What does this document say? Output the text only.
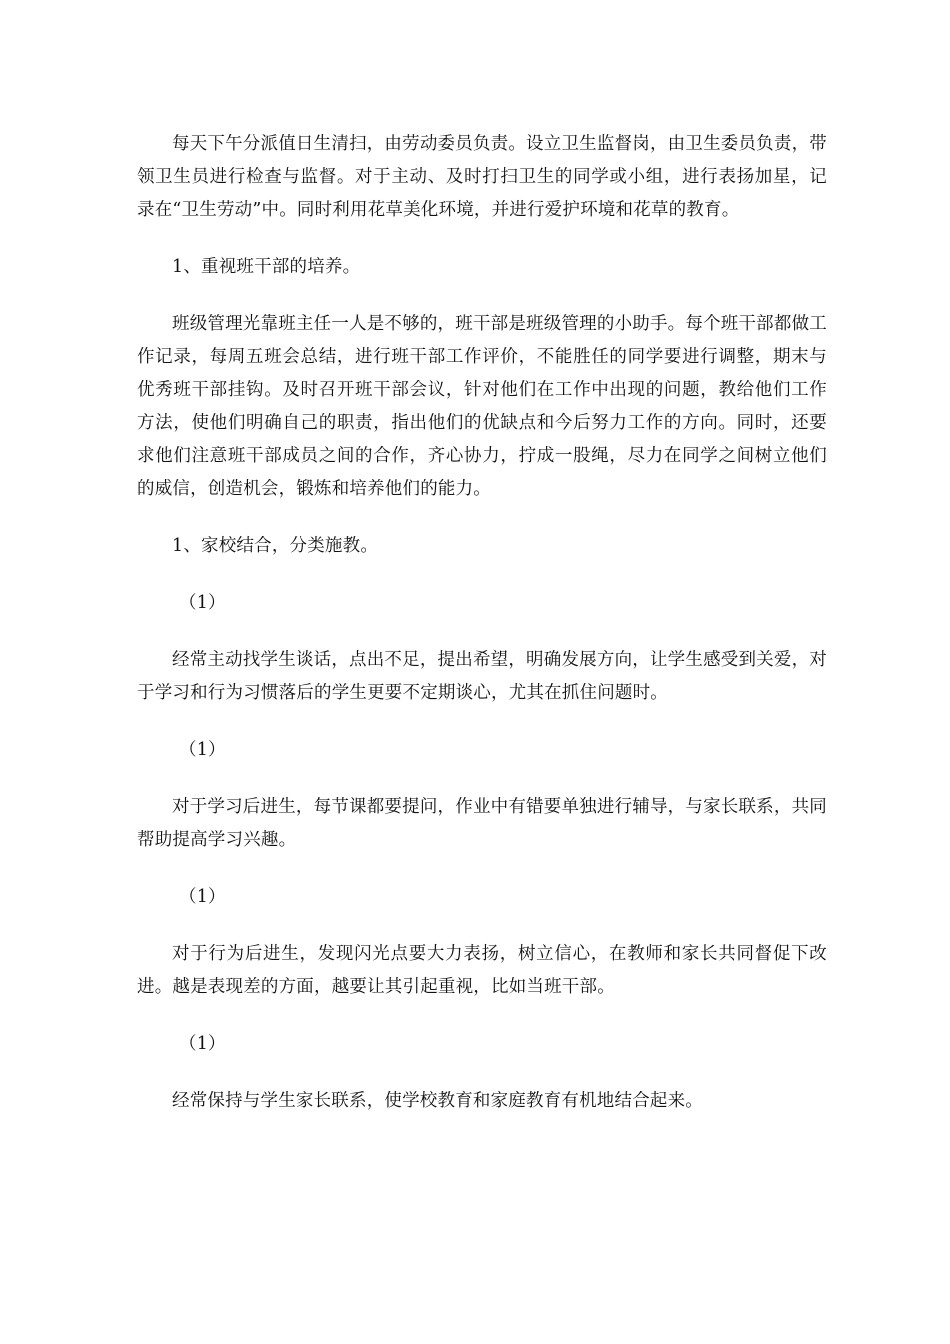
每天下午分派值日生清扫，由劳动委员负责。设立卫生监督岗，由卫生委员负责，带领卫生员进行检查与监督。对于主动、及时打扫卫生的同学或小组，进行表扬加星，记录在“卫生劳动”中。同时利用花草美化环境，并进行爱护环境和花草的教育。

1、重视班干部的培养。

班级管理光靠班主任一人是不够的，班干部是班级管理的小助手。每个班干部都做工作记录，每周五班会总结，进行班干部工作评价，不能胜任的同学要进行调整，期末与优秀班干部挂钩。及时召开班干部会议，针对他们在工作中出现的问题，教给他们工作方法，使他们明确自己的职责，指出他们的优缺点和今后努力工作的方向。同时，还要求他们注意班干部成员之间的合作，齐心协力，拧成一股绳，尽力在同学之间树立他们的威信，创造机会，锻炼和培养他们的能力。

1、家校结合，分类施教。

（1）

经常主动找学生谈话，点出不足，提出希望，明确发展方向，让学生感受到关爱，对于学习和行为习惯落后的学生更要不定期谈心，尤其在抓住问题时。

（1）

对于学习后进生，每节课都要提问，作业中有错要单独进行辅导，与家长联系，共同帮助提高学习兴趣。

（1）

对于行为后进生，发现闪光点要大力表扬，树立信心，在教师和家长共同督促下改进。越是表现差的方面，越要让其引起重视，比如当班干部。

（1）

经常保持与学生家长联系，使学校教育和家庭教育有机地结合起来。
